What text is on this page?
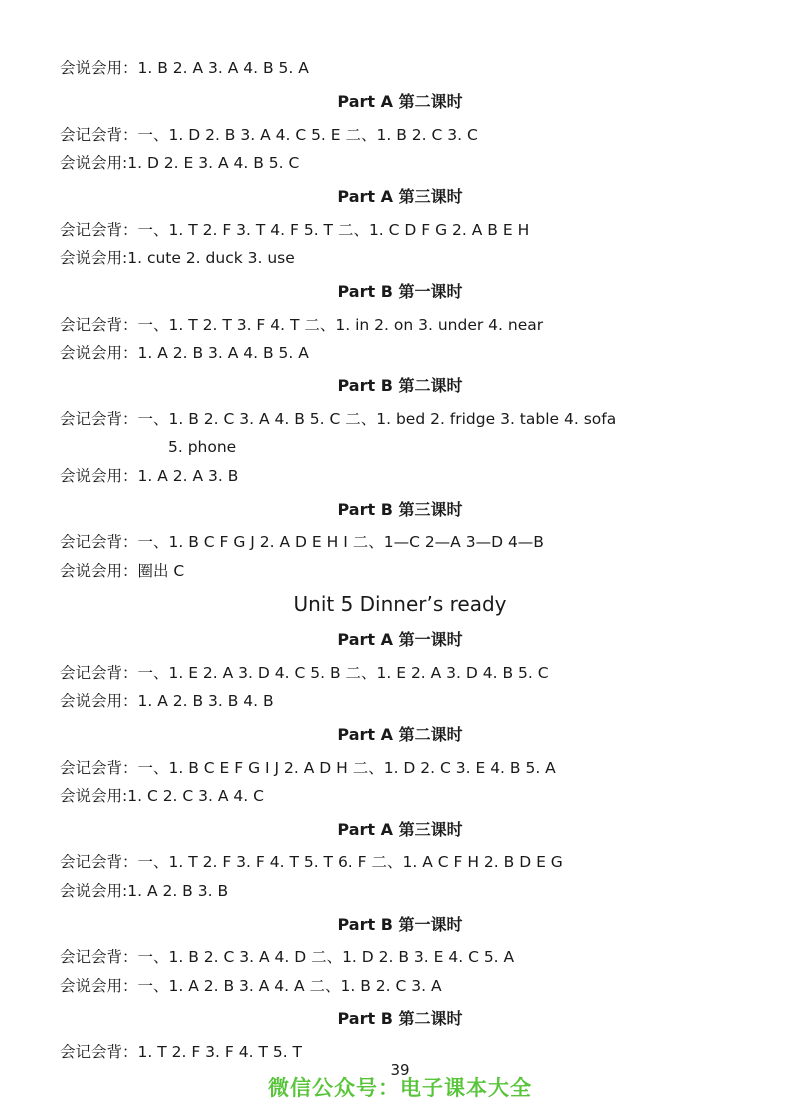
会说会用：1. B 2. A 3. A 4. B 5. A
Part A 第二课时
会记会背：一、1. D 2. B 3. A 4. C 5. E 二、1. B 2. C 3. C
会说会用:1. D 2. E 3. A 4. B 5. C
Part A 第三课时
会记会背：一、1. T 2. F 3. T 4. F 5. T 二、1. C D F G 2. A B E H
会说会用:1. cute 2. duck 3. use
Part B 第一课时
会记会背：一、1. T 2. T 3. F 4. T 二、1. in 2. on 3. under 4. near
会说会用：1. A 2. B 3. A 4. B 5. A
Part B 第二课时
会记会背：一、1. B 2. C 3. A 4. B 5. C 二、1. bed 2. fridge 3. table 4. sofa
5. phone
会说会用：1. A 2. A 3. B
Part B 第三课时
会记会背：一、1. B C F G J 2. A D E H I 二、1—C 2—A 3—D 4—B
会说会用：圈出 C
Unit 5 Dinner’s ready
Part A 第一课时
会记会背：一、1. E 2. A 3. D 4. C 5. B 二、1. E 2. A 3. D 4. B 5. C
会说会用：1. A 2. B 3. B 4. B
Part A 第二课时
会记会背：一、1. B C E F G I J 2. A D H 二、1. D 2. C 3. E 4. B 5. A
会说会用:1. C 2. C 3. A 4. C
Part A 第三课时
会记会背：一、1. T 2. F 3. F 4. T 5. T 6. F 二、1. A C F H 2. B D E G
会说会用:1. A 2. B 3. B
Part B 第一课时
会记会背：一、1. B 2. C 3. A 4. D 二、1. D 2. B 3. E 4. C 5. A
会说会用：一、1. A 2. B 3. A 4. A 二、1. B 2. C 3. A
Part B 第二课时
会记会背：1. T 2. F 3. F 4. T 5. T
39
微信公众号：电子课本大全
